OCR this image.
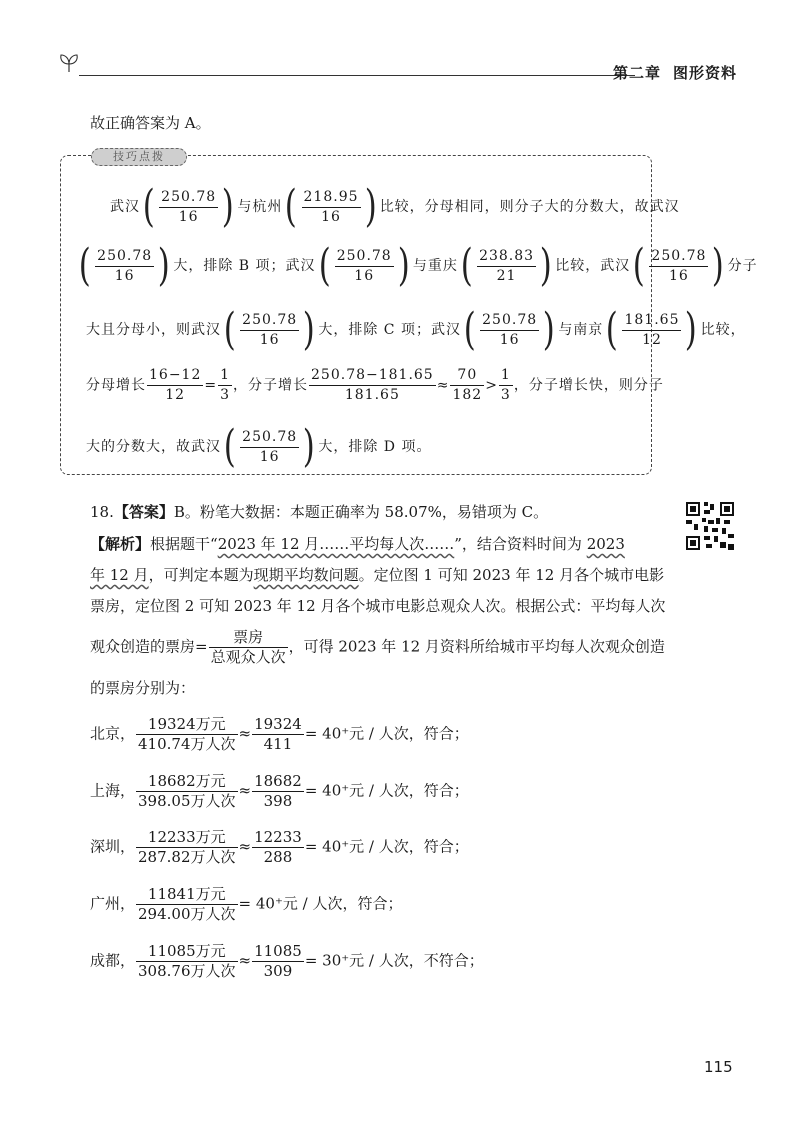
第二章 图形资料
故正确答案为 A。
技巧点拨
武汉( $\frac{250.78}{16}$ ) 与杭州( $\frac{218.95}{16}$ ) 比较，分母相同，则分子大的分数大，故武汉
( $\frac{250.78}{16}$ ) 大，排除 B 项；武汉( $\frac{250.78}{16}$ ) 与重庆( $\frac{238.83}{21}$ ) 比较，武汉( $\frac{250.78}{16}$ ) 分子
大且分母小，则武汉( $\frac{250.78}{16}$ ) 大，排除 C 项；武汉( $\frac{250.78}{16}$ ) 与南京( $\frac{181.65}{12}$ ) 比较，
分母增长 $\frac{16-12}{12} = \frac{1}{3}$ ，分子增长 $\frac{250.78-181.65}{181.65} \approx \frac{70}{182} > \frac{1}{3}$ ，分子增长快，则分子
大的分数大，故武汉( $\frac{250.78}{16}$ ) 大，排除 D 项。
18.【答案】B。粉笔大数据：本题正确率为 58.07%，易错项为 C。
【解析】根据题干“2023 年 12 月……平均每人次……”，结合资料时间为 2023
年 12 月，可判定本题为现期平均数问题。定位图 1 可知 2023 年 12 月各个城市电影
票房，定位图 2 可知 2023 年 12 月各个城市电影总观众人次。根据公式：平均每人次
观众创造的票房= $\frac{\text{票房}}{\text{总观众人次}}$ ，可得 2023 年 12 月资料所给城市平均每人次观众创造
的票房分别为：
北京， $\frac{\text{19324万元}}{\text{410.74万人次}} \approx \frac{19324}{411} = 40^+$元 / 人次，符合；
上海， $\frac{\text{18682万元}}{\text{398.05万人次}} \approx \frac{18682}{398} = 40^+$元 / 人次，符合；
深圳， $\frac{\text{12233万元}}{\text{287.82万人次}} \approx \frac{12233}{288} = 40^+$元 / 人次，符合；
广州， $\frac{\text{11841万元}}{\text{294.00万人次}} = 40^+$元 / 人次，符合；
成都， $\frac{\text{11085万元}}{\text{308.76万人次}} \approx \frac{11085}{309} = 30^+$元 / 人次，不符合；
115
